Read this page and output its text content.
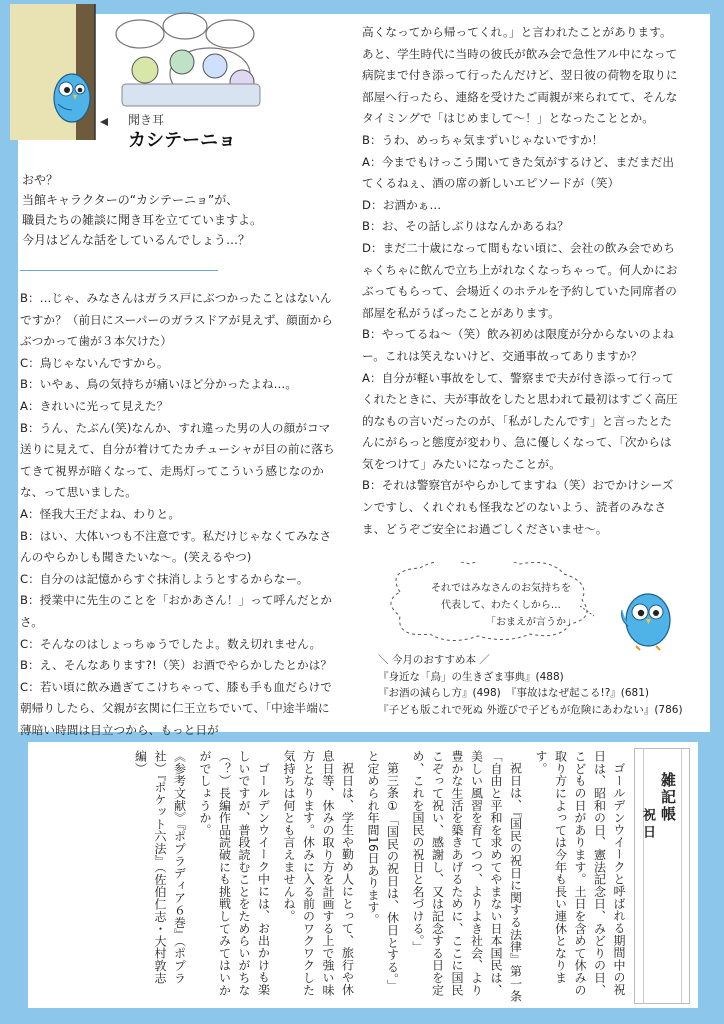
聞き耳
カシテーニョ
おや？
当館キャラクターの“カシテーニョ”が、
職員たちの雑談に聞き耳を立てていますよ。
今月はどんな話をしているんでしょう…？

B：…じゃ、みなさんはガラス戸にぶつかったことはないんですか？（前日にスーパーのガラスドアが見えず、顔面からぶつかって歯が３本欠けた）

C：鳥じゃないんですから。

B：いやぁ、鳥の気持ちが痛いほど分かったよね…。

A：きれいに光って見えた？

B：うん、たぶん(笑)なんか、すれ違った男の人の顔がコマ送りに見えて、自分が着けてたカチューシャが目の前に落ちてきて視界が暗くなって、走馬灯ってこういう感じなのかな、って思いました。

A：怪我大王だよね、わりと。

B：はい、大体いつも不注意です。私だけじゃなくてみなさんのやらかしも聞きたいな〜。(笑えるやつ)

C：自分のは記憶からすぐ抹消しようとするからなー。

B：授業中に先生のことを「おかあさん！」って呼んだとかさ。

C：そんなのはしょっちゅうでしたよ。数え切れません。

B：え、そんなあります?!（笑）お酒でやらかしたとかは？

C：若い頃に飲み過ぎてこけちゃって、膝も手も血だらけで朝帰りしたら、父親が玄関に仁王立ちでいて、「中途半端に薄暗い時間は目立つから、もっと日が

高くなってから帰ってくれ。」と言われたことがあります。あと、学生時代に当時の彼氏が飲み会で急性アル中になって病院まで付き添って行ったんだけど、翌日彼の荷物を取りに部屋へ行ったら、連絡を受けたご両親が来られてて、そんなタイミングで「はじめまして〜！」となったこととか。

B：うわ、めっちゃ気まずいじゃないですか！

A：今までもけっこう聞いてきた気がするけど、まだまだ出てくるねぇ、酒の席の新しいエピソードが（笑）

D：お酒かぁ…

B：お、その話しぶりはなんかあるね？

D：まだ二十歳になって間もない頃に、会社の飲み会でめちゃくちゃに飲んで立ち上がれなくなっちゃって。何人かにおぶってもらって、会場近くのホテルを予約していた同席者の部屋を私がうばったことがあります。

B：やってるね〜（笑）飲み初めは限度が分からないのよねー。これは笑えないけど、交通事故ってありますか？

A：自分が軽い事故をして、警察まで夫が付き添って行ってくれたときに、夫が事故をしたと思われて最初はすごく高圧的なもの言いだったのが、「私がしたんです」と言ったとたんにがらっと態度が変わり、急に優しくなって、「次からは気をつけて」みたいになったことが。

B：それは警察官がやらかしてますね（笑）おでかけシーズンですし、くれぐれも怪我などのないよう、読者のみなさま、どうぞご安全にお過ごしくださいませ〜。

それではみなさんのお気持ちを
代表して、わたくしから…
「おまえが言うか」
＼ 今月のおすすめ本 ／
『身近な「鳥」の生きざま事典』(488)
『お酒の減らし方』(498)　『事故はなぜ起こる!?』(681)
『子ども版これで死ぬ 外遊びで子どもが危険にあわない』(786)

ゴールデンウイークと呼ばれる期間中の祝日は、昭和の日、憲法記念日、みどりの日、こどもの日があります。土日を含めて休みの取り方によっては今年も長い連休となります。

祝日は、『国民の祝日に関する法律』第一条「自由と平和を求めてやまない日本国民は、美しい風習を育てつつ、よりよき社会、より豊かな生活を築きあげるために、ここに国民こぞって祝い、感謝し、又は記念する日を定め、これを国民の祝日と名づける。」

第三条①「国民の祝日は、休日とする。」と定められ年間16日あります。

祝日は、学生や勤め人にとって、旅行や休息日等、休みの取り方を計画する上で強い味方となります。休みに入る前のワクワクした気持ちは何とも言えませんね。

ゴールデンウイーク中には、お出かけも楽しいですが、普段読むことをためらいがちな（？）長編作品読破にも挑戦してみてはいかがでしょうか。

《参考文献》『ポプラディア６巻』（ポプラ社）『ポケット六法』（佐伯仁志・大村敦志編）

雑記帳
祝日
